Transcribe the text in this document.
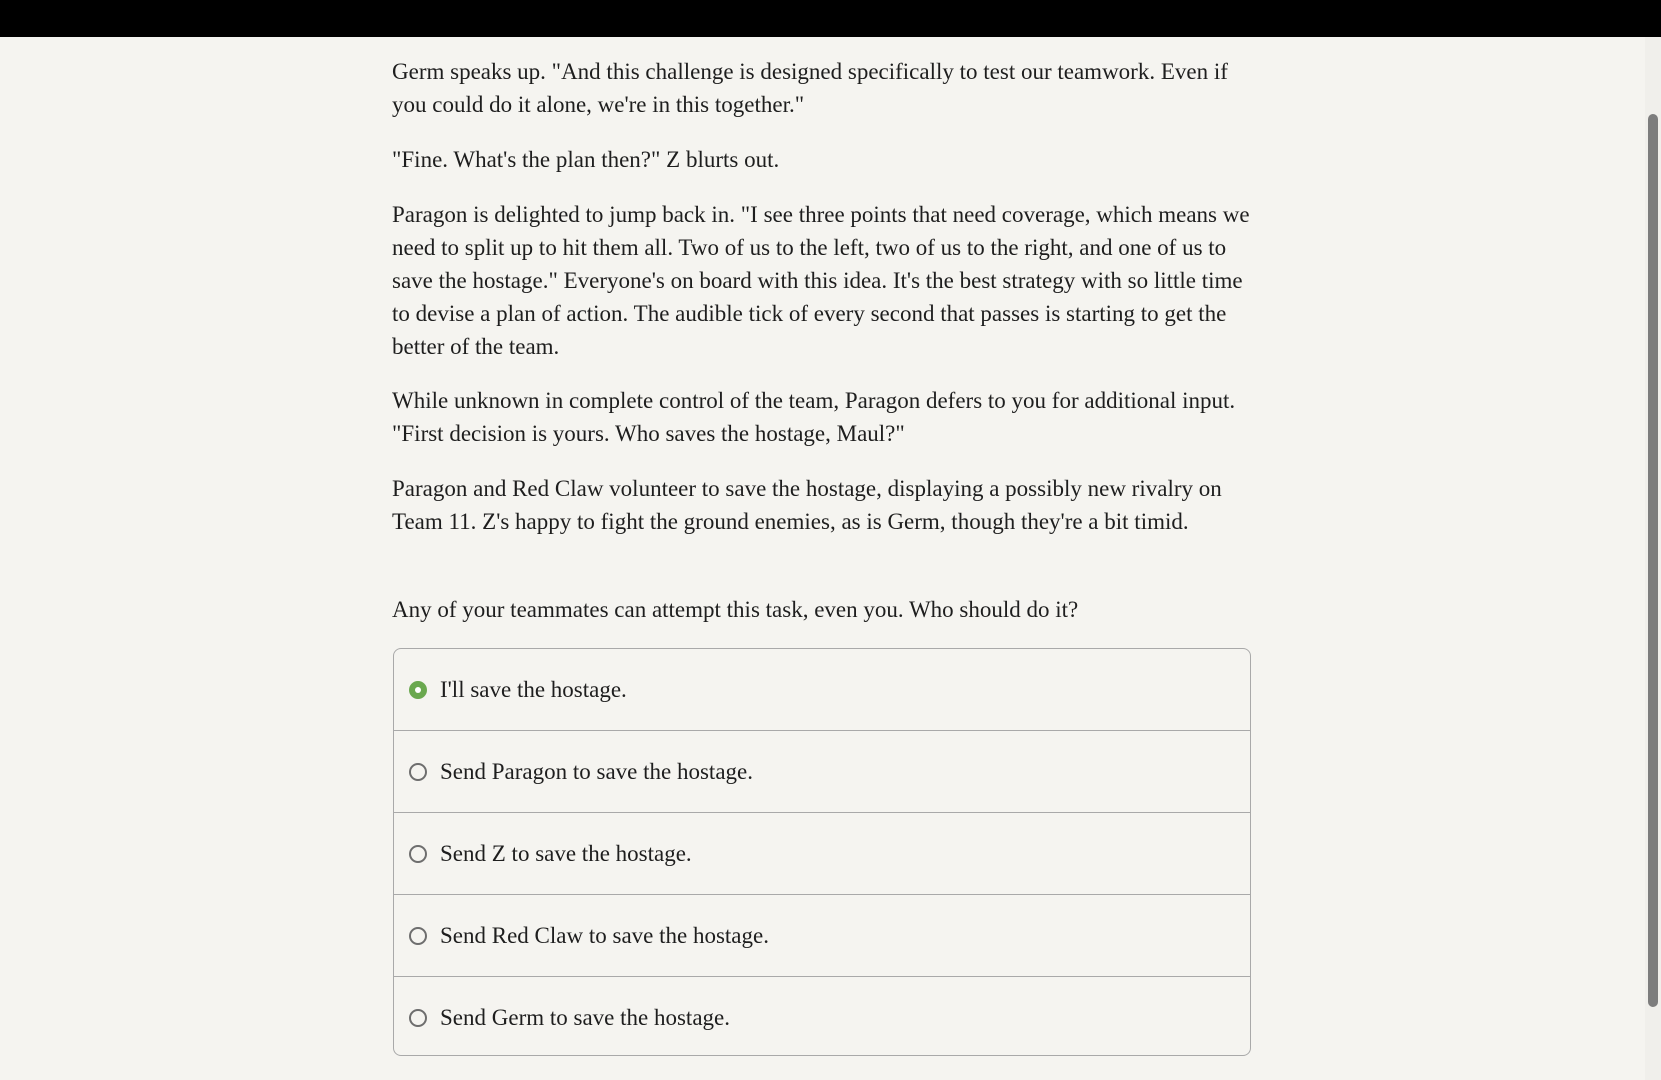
Germ speaks up. "And this challenge is designed specifically to test our teamwork. Even if you could do it alone, we're in this together."

"Fine. What's the plan then?" Z blurts out.

Paragon is delighted to jump back in. "I see three points that need coverage, which means we need to split up to hit them all. Two of us to the left, two of us to the right, and one of us to save the hostage." Everyone's on board with this idea. It's the best strategy with so little time to devise a plan of action. The audible tick of every second that passes is starting to get the better of the team.

While unknown in complete control of the team, Paragon defers to you for additional input. "First decision is yours. Who saves the hostage, Maul?"

Paragon and Red Claw volunteer to save the hostage, displaying a possibly new rivalry on Team 11. Z's happy to fight the ground enemies, as is Germ, though they're a bit timid.

Any of your teammates can attempt this task, even you. Who should do it?

I'll save the hostage.
Send Paragon to save the hostage.
Send Z to save the hostage.
Send Red Claw to save the hostage.
Send Germ to save the hostage.
